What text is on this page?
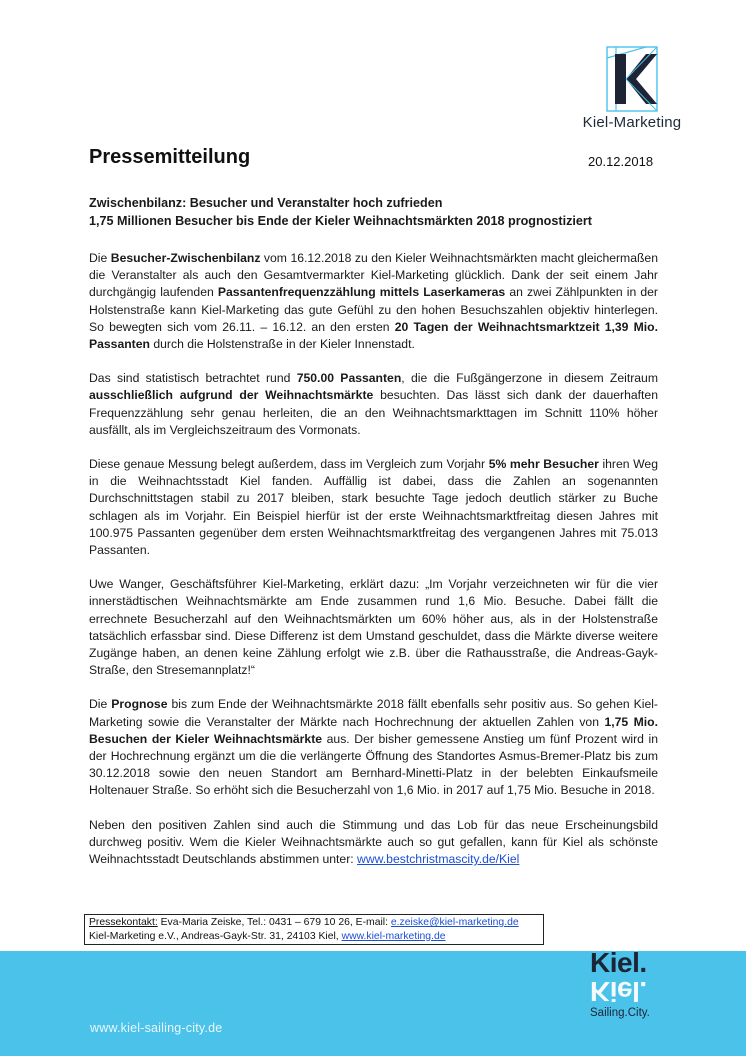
Kiel-Marketing
Pressemitteilung	20.12.2018
Zwischenbilanz: Besucher und Veranstalter hoch zufrieden
1,75 Millionen Besucher bis Ende der Kieler Weihnachtsmärkten 2018 prognostiziert

Die Besucher-Zwischenbilanz vom 16.12.2018 zu den Kieler Weihnachtsmärkten macht gleichermaßen die Veranstalter als auch den Gesamtvermarkter Kiel-Marketing glücklich. Dank der seit einem Jahr durchgängig laufenden Passantenfrequenzzählung mittels Laserkameras an zwei Zählpunkten in der Holstenstraße kann Kiel-Marketing das gute Gefühl zu den hohen Besuchszahlen objektiv hinterlegen. So bewegten sich vom 26.11. – 16.12. an den ersten 20 Tagen der Weihnachtsmarktzeit 1,39 Mio. Passanten durch die Holstenstraße in der Kieler Innenstadt.

Das sind statistisch betrachtet rund 750.00 Passanten, die die Fußgängerzone in diesem Zeitraum ausschließlich aufgrund der Weihnachtsmärkte besuchten. Das lässt sich dank der dauerhaften Frequenzzählung sehr genau herleiten, die an den Weihnachtsmarkttagen im Schnitt 110% höher ausfällt, als im Vergleichszeitraum des Vormonats.

Diese genaue Messung belegt außerdem, dass im Vergleich zum Vorjahr 5% mehr Besucher ihren Weg in die Weihnachtsstadt Kiel fanden. Auffällig ist dabei, dass die Zahlen an sogenannten Durchschnittstagen stabil zu 2017 bleiben, stark besuchte Tage jedoch deutlich stärker zu Buche schlagen als im Vorjahr. Ein Beispiel hierfür ist der erste Weihnachtsmarktfreitag diesen Jahres mit 100.975 Passanten gegenüber dem ersten Weihnachtsmarktfreitag des vergangenen Jahres mit 75.013 Passanten.

Uwe Wanger, Geschäftsführer Kiel-Marketing, erklärt dazu: „Im Vorjahr verzeichneten wir für die vier innerstädtischen Weihnachtsmärkte am Ende zusammen rund 1,6 Mio. Besuche. Dabei fällt die errechnete Besucherzahl auf den Weihnachtsmärkten um 60% höher aus, als in der Holstenstraße tatsächlich erfassbar sind. Diese Differenz ist dem Umstand geschuldet, dass die Märkte diverse weitere Zugänge haben, an denen keine Zählung erfolgt wie z.B. über die Rathausstraße, die Andreas-Gayk-Straße, den Stresemannplatz!“

Die Prognose bis zum Ende der Weihnachtsmärkte 2018 fällt ebenfalls sehr positiv aus. So gehen Kiel-Marketing sowie die Veranstalter der Märkte nach Hochrechnung der aktuellen Zahlen von 1,75 Mio. Besuchen der Kieler Weihnachtsmärkte aus. Der bisher gemessene Anstieg um fünf Prozent wird in der Hochrechnung ergänzt um die die verlängerte Öffnung des Standortes Asmus-Bremer-Platz bis zum 30.12.2018 sowie den neuen Standort am Bernhard-Minetti-Platz in der belebten Einkaufsmeile Holtenauer Straße. So erhöht sich die Besucherzahl von 1,6 Mio. in 2017 auf 1,75 Mio. Besuche in 2018.

Neben den positiven Zahlen sind auch die Stimmung und das Lob für das neue Erscheinungsbild durchweg positiv. Wem die Kieler Weihnachtsmärkte auch so gut gefallen, kann für Kiel als schönste Weihnachtsstadt Deutschlands abstimmen unter: www.bestchristmascity.de/Kiel

Pressekontakt: Eva-Maria Zeiske, Tel.: 0431 – 679 10 26, E-mail: e.zeiske@kiel-marketing.de
Kiel-Marketing e.V., Andreas-Gayk-Str. 31, 24103 Kiel, www.kiel-marketing.de
www.kiel-sailing-city.de
Kiel.
Kiel.
Sailing.City.
